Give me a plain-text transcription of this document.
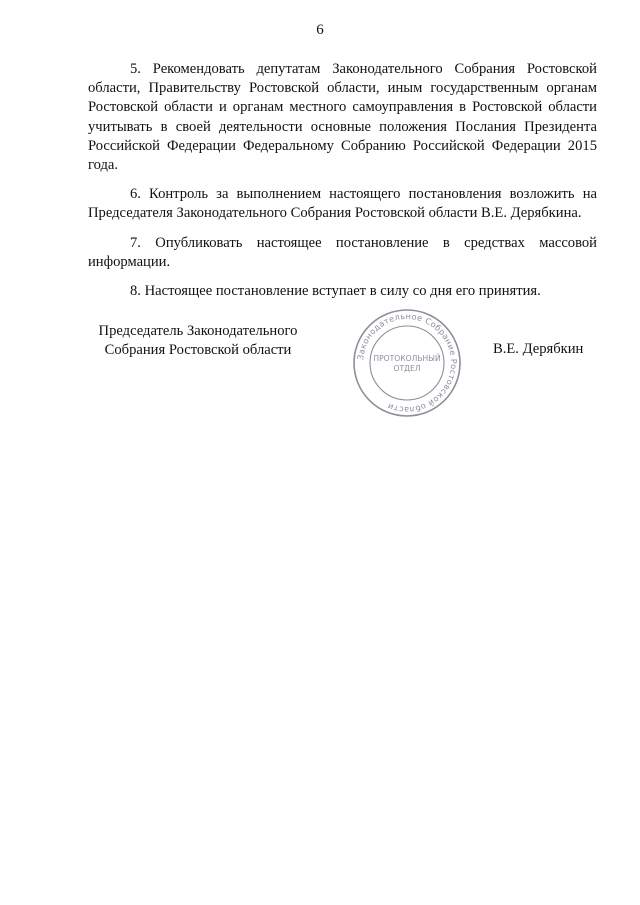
6

5. Рекомендовать депутатам Законодательного Собрания Ростовской области, Правительству Ростовской области, иным государственным органам Ростовской области и органам местного самоуправления в Ростовской области учитывать в своей деятельности основные положения Послания Президента Российской Федерации Федеральному Собранию Российской Федерации 2015 года.

6. Контроль за выполнением настоящего постановления возложить на Председателя Законодательного Собрания Ростовской области В.Е. Дерябкина.

7. Опубликовать настоящее постановление в средствах массовой информации.

8. Настоящее постановление вступает в силу со дня его принятия.

Председатель Законодательного
Собрания Ростовской области	Законодательное Собрание Ростовской области
ПРОТОКОЛЬНЫЙ
ОТДЕЛ
В.Е. Дерябкин
